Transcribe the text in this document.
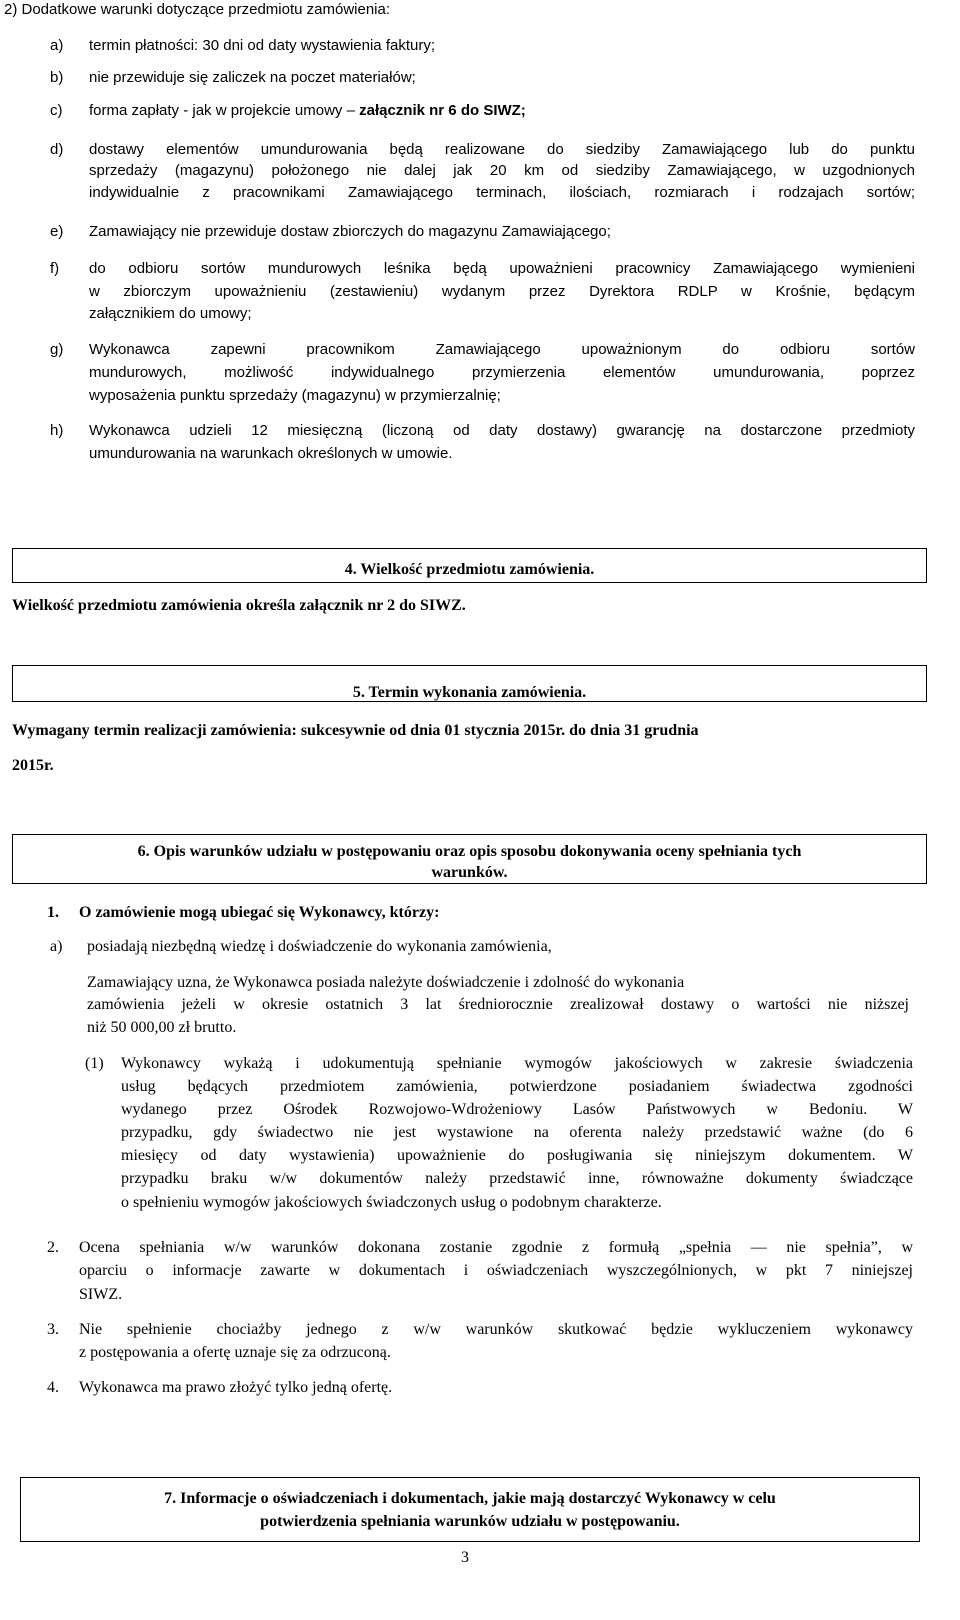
2) Dodatkowe warunki dotyczące przedmiotu zamówienia:
a) termin płatności: 30 dni od daty wystawienia faktury;
b) nie przewiduje się zaliczek na poczet materiałów;
c) forma zapłaty - jak w projekcie umowy – załącznik nr 6 do SIWZ;
d) dostawy elementów umundurowania będą realizowane do siedziby Zamawiającego lub do punktu
sprzedaży (magazynu) położonego nie dalej jak 20 km od siedziby Zamawiającego, w uzgodnionych
indywidualnie z pracownikami Zamawiającego terminach, ilościach, rozmiarach i rodzajach sortów;
e) Zamawiający nie przewiduje dostaw zbiorczych do magazynu Zamawiającego;
f) do odbioru sortów mundurowych leśnika będą upoważnieni pracownicy Zamawiającego wymienieni
w zbiorczym upoważnieniu (zestawieniu) wydanym przez Dyrektora RDLP w Krośnie, będącym
załącznikiem do umowy;
g) Wykonawca zapewni pracownikom Zamawiającego upoważnionym do odbioru sortów
mundurowych, możliwość indywidualnego przymierzenia elementów umundurowania, poprzez
wyposażenia punktu sprzedaży (magazynu) w przymierzalnię;
h) Wykonawca udzieli 12 miesięczną (liczoną od daty dostawy) gwarancję na dostarczone przedmioty
umundurowania na warunkach określonych w umowie.
4. Wielkość przedmiotu zamówienia.
Wielkość przedmiotu zamówienia określa załącznik nr 2 do SIWZ.
5. Termin wykonania zamówienia.
Wymagany termin realizacji zamówienia: sukcesywnie od dnia 01 stycznia 2015r. do dnia 31 grudnia
2015r.
6. Opis warunków udziału w postępowaniu oraz opis sposobu dokonywania oceny spełniania tych
warunków.
1. O zamówienie mogą ubiegać się Wykonawcy, którzy:
a) posiadają niezbędną wiedzę i doświadczenie do wykonania zamówienia,
Zamawiający uzna, że Wykonawca posiada należyte doświadczenie i zdolność do wykonania
zamówienia jeżeli w okresie ostatnich 3 lat średniorocznie zrealizował dostawy o wartości nie niższej
niż 50 000,00 zł brutto.
(1) Wykonawcy wykażą i udokumentują spełnianie wymogów jakościowych w zakresie świadczenia
usług będących przedmiotem zamówienia, potwierdzone posiadaniem świadectwa zgodności
wydanego przez Ośrodek Rozwojowo-Wdrożeniowy Lasów Państwowych w Bedoniu. W
przypadku, gdy świadectwo nie jest wystawione na oferenta należy przedstawić ważne (do 6
miesięcy od daty wystawienia) upoważnienie do posługiwania się niniejszym dokumentem. W
przypadku braku w/w dokumentów należy przedstawić inne, równoważne dokumenty świadczące
o spełnieniu wymogów jakościowych świadczonych usług o podobnym charakterze.
2. Ocena spełniania w/w warunków dokonana zostanie zgodnie z formułą „spełnia — nie spełnia”, w
oparciu o informacje zawarte w dokumentach i oświadczeniach wyszczególnionych, w pkt 7 niniejszej
SIWZ.
3. Nie spełnienie chociażby jednego z w/w warunków skutkować będzie wykluczeniem wykonawcy
z postępowania a ofertę uznaje się za odrzuconą.
4. Wykonawca ma prawo złożyć tylko jedną ofertę.
7. Informacje o oświadczeniach i dokumentach, jakie mają dostarczyć Wykonawcy w celu
potwierdzenia spełniania warunków udziału w postępowaniu.
3
